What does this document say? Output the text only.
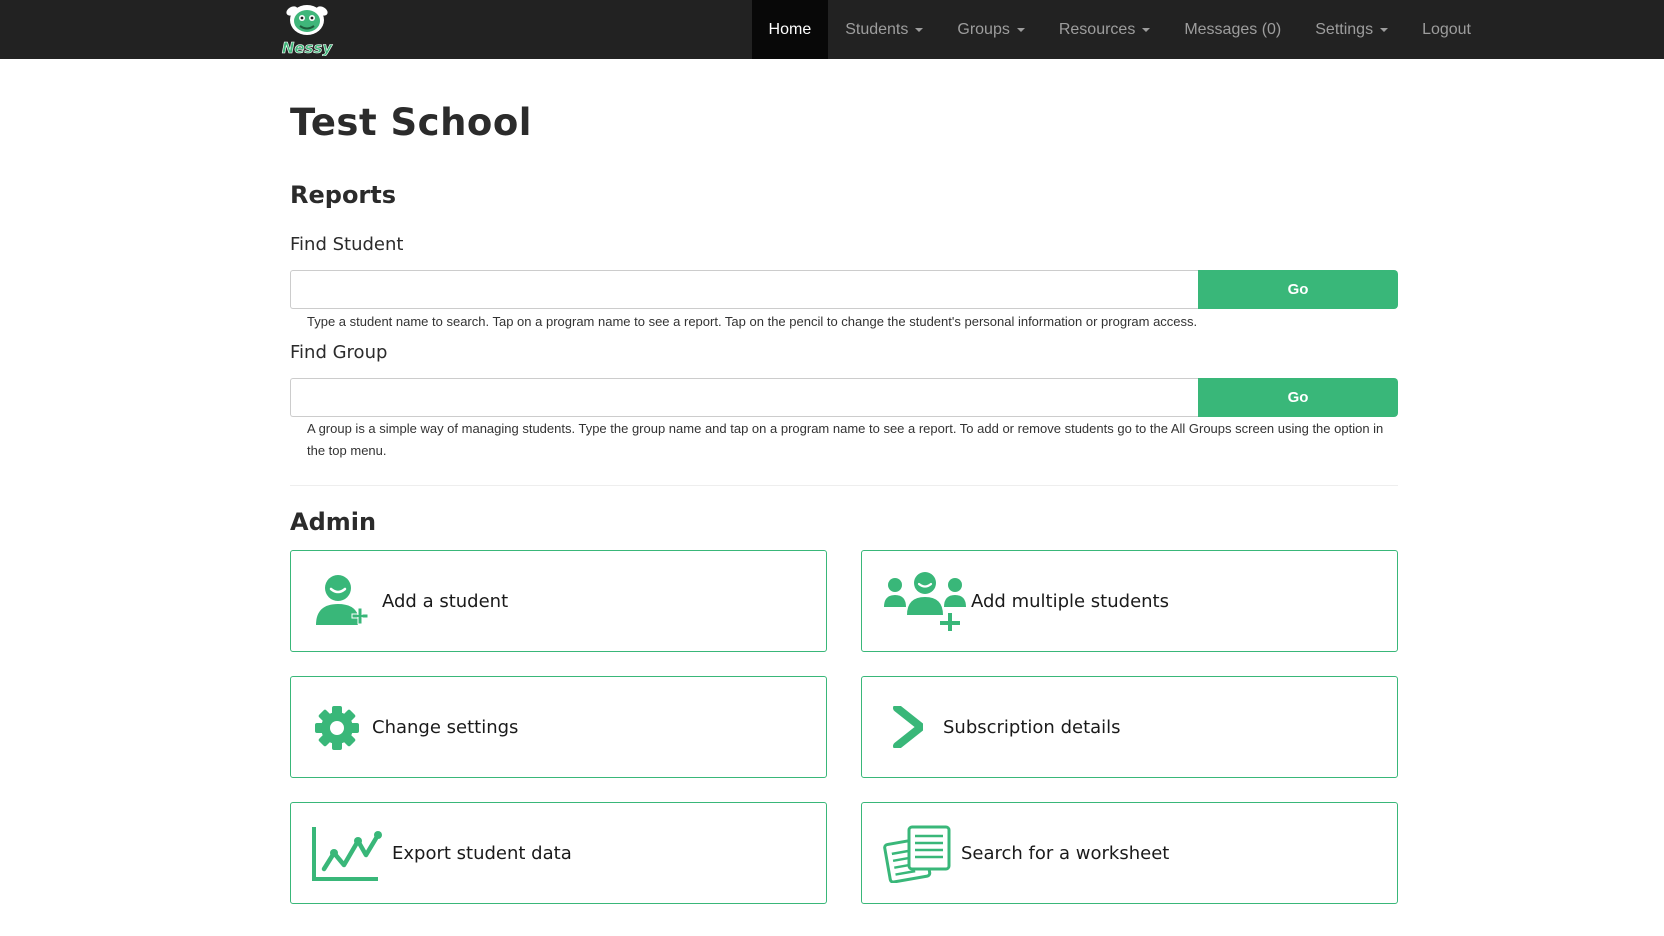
Nessy
Home Students	Groups	Resources	Messages (0) Settings	Logout
Test School
Reports
Find Student
Go
Type a student name to search. Tap on a program name to see a report. Tap on the pencil to change the student's personal information or program access.
Find Group
Go
A group is a simple way of managing students. Type the group name and tap on a program name to see a report. To add or remove students go to the All Groups screen using the option in the top menu.
Admin
Add a student	Add multiple students
Change settings	Subscription details
Export student data	Search for a worksheet
